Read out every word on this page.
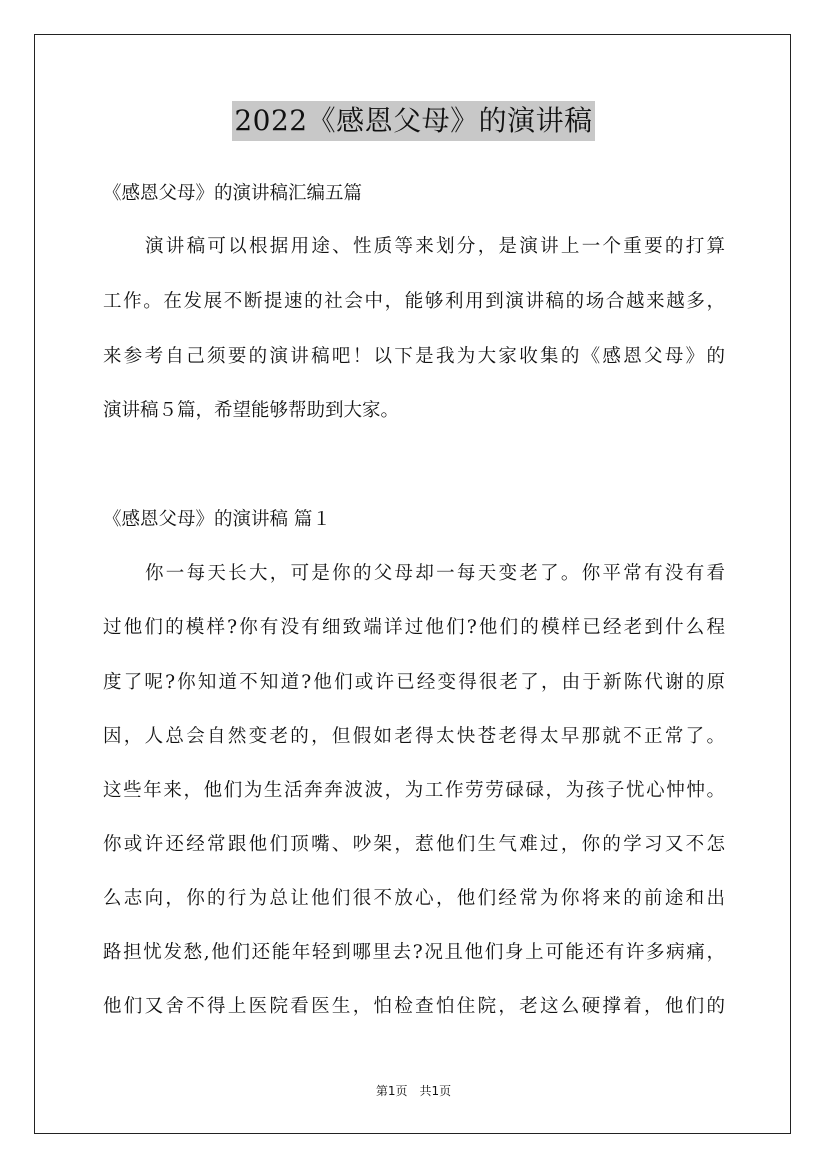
2022《感恩父母》的演讲稿
《感恩父母》的演讲稿汇编五篇
演讲稿可以根据用途、性质等来划分，是演讲上一个重要的打算
工作。在发展不断提速的社会中，能够利用到演讲稿的场合越来越多，
来参考自己须要的演讲稿吧！以下是我为大家收集的《感恩父母》的
演讲稿５篇，希望能够帮助到大家。
《感恩父母》的演讲稿 篇１
你一每天长大，可是你的父母却一每天变老了。你平常有没有看
过他们的模样?你有没有细致端详过他们?他们的模样已经老到什么程
度了呢?你知道不知道?他们或许已经变得很老了，由于新陈代谢的原
因，人总会自然变老的，但假如老得太快苍老得太早那就不正常了。
这些年来，他们为生活奔奔波波，为工作劳劳碌碌，为孩子忧心忡忡。
你或许还经常跟他们顶嘴、吵架，惹他们生气难过，你的学习又不怎
么志向，你的行为总让他们很不放心，他们经常为你将来的前途和出
路担忧发愁,他们还能年轻到哪里去?况且他们身上可能还有许多病痛，
他们又舍不得上医院看医生，怕检查怕住院，老这么硬撑着，他们的
第1页　共1页
